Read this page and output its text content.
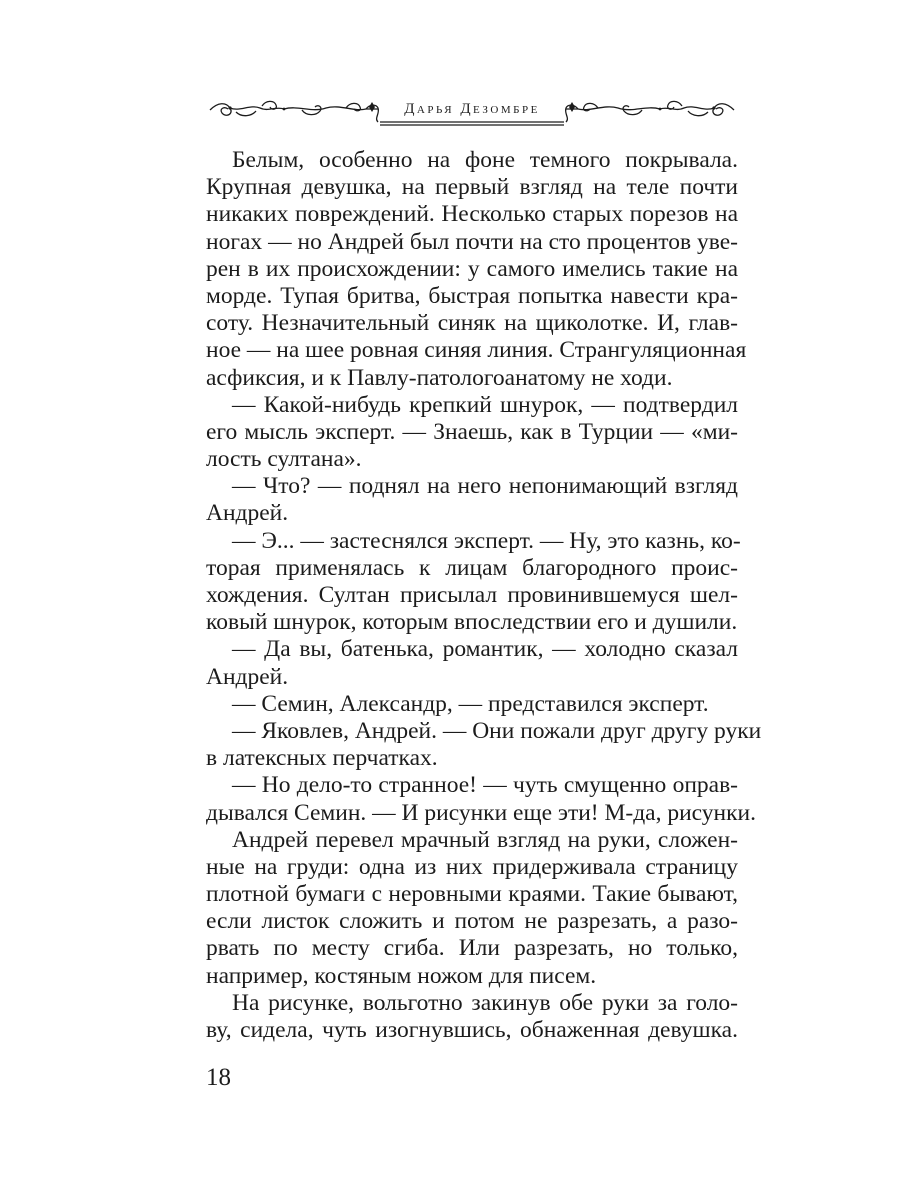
Дарья Дезомбре
Белым, особенно на фоне темного покрывала.
Крупная девушка, на первый взгляд на теле почти
никаких повреждений. Несколько старых порезов на
ногах — но Андрей был почти на сто процентов уве-
рен в их происхождении: у самого имелись такие на
морде. Тупая бритва, быстрая попытка навести кра-
соту. Незначительный синяк на щиколотке. И, глав-
ное — на шее ровная синяя линия. Странгуляционная
асфиксия, и к Павлу-патологоанатому не ходи.
— Какой-нибудь крепкий шнурок, — подтвердил
его мысль эксперт. — Знаешь, как в Турции — «ми-
лость султана».
— Что? — поднял на него непонимающий взгляд
Андрей.
— Э... — застеснялся эксперт. — Ну, это казнь, ко-
торая применялась к лицам благородного проис-
хождения. Султан присылал провинившемуся шел-
ковый шнурок, которым впоследствии его и душили.
— Да вы, батенька, романтик, — холодно сказал
Андрей.
— Семин, Александр, — представился эксперт.
— Яковлев, Андрей. — Они пожали друг другу руки
в латексных перчатках.
— Но дело-то странное! — чуть смущенно оправ-
дывался Семин. — И рисунки еще эти! М-да, рисунки.
Андрей перевел мрачный взгляд на руки, сложен-
ные на груди: одна из них придерживала страницу
плотной бумаги с неровными краями. Такие бывают,
если листок сложить и потом не разрезать, а разо-
рвать по месту сгиба. Или разрезать, но только,
например, костяным ножом для писем.
На рисунке, вольготно закинув обе руки за голо-
ву, сидела, чуть изогнувшись, обнаженная девушка.
18
